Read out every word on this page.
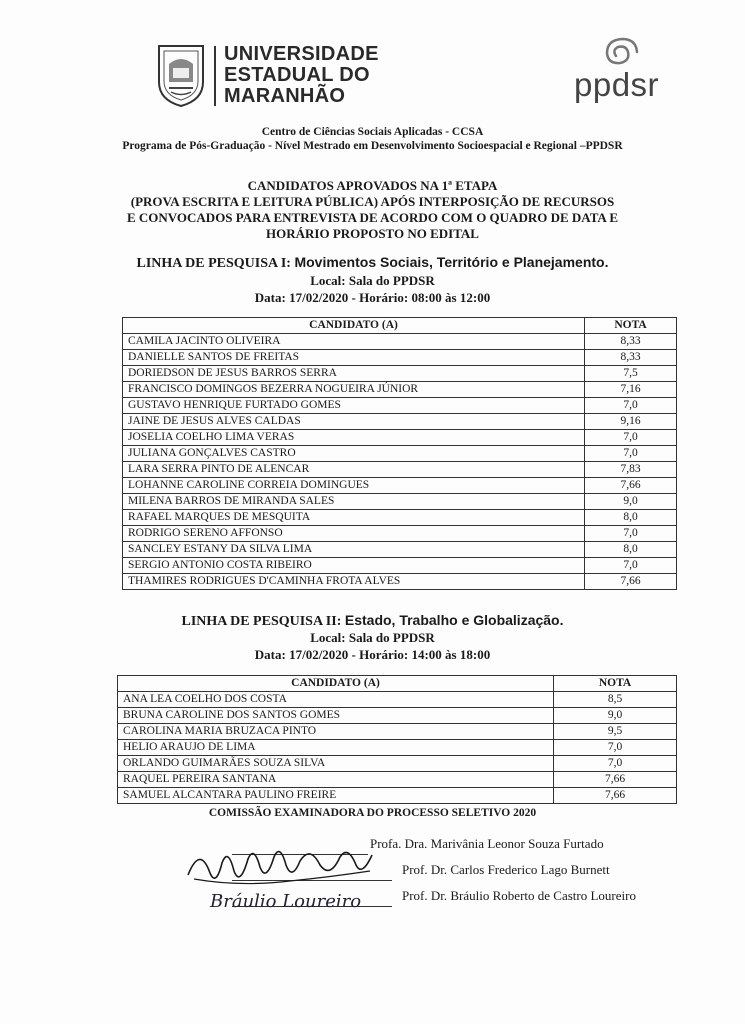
UNIVERSIDADE
ESTADUAL DO
MARANHÃO	ppdsr
Centro de Ciências Sociais Aplicadas - CCSA
Programa de Pós-Graduação - Nível Mestrado em Desenvolvimento Socioespacial e Regional –PPDSR
CANDIDATOS APROVADOS NA 1ª ETAPA
(PROVA ESCRITA E LEITURA PÚBLICA) APÓS INTERPOSIÇÃO DE RECURSOS
E CONVOCADOS PARA ENTREVISTA DE ACORDO COM O QUADRO DE DATA E
HORÁRIO PROPOSTO NO EDITAL
LINHA DE PESQUISA I: Movimentos Sociais, Território e Planejamento.
Local: Sala do PPDSR
Data: 17/02/2020 - Horário: 08:00 às 12:00
CANDIDATO (A)	NOTA
CAMILA JACINTO OLIVEIRA	8,33
DANIELLE SANTOS DE FREITAS	8,33
DORIEDSON DE JESUS BARROS SERRA	7,5
FRANCISCO DOMINGOS BEZERRA NOGUEIRA JÚNIOR	7,16
GUSTAVO HENRIQUE FURTADO GOMES	7,0
JAINE DE JESUS ALVES CALDAS	9,16
JOSELIA COELHO LIMA VERAS	7,0
JULIANA GONÇALVES CASTRO	7,0
LARA SERRA PINTO DE ALENCAR	7,83
LOHANNE CAROLINE CORREIA DOMINGUES	7,66
MILENA BARROS DE MIRANDA SALES	9,0
RAFAEL MARQUES DE MESQUITA	8,0
RODRIGO SERENO AFFONSO	7,0
SANCLEY ESTANY DA SILVA LIMA	8,0
SERGIO ANTONIO COSTA RIBEIRO	7,0
THAMIRES RODRIGUES D'CAMINHA FROTA ALVES	7,66
LINHA DE PESQUISA II: Estado, Trabalho e Globalização.
Local: Sala do PPDSR
Data: 17/02/2020 - Horário: 14:00 às 18:00
CANDIDATO (A)	NOTA
ANA LEA COELHO DOS COSTA	8,5
BRUNA CAROLINE DOS SANTOS GOMES	9,0
CAROLINA MARIA BRUZACA PINTO	9,5
HELIO ARAUJO DE LIMA	7,0
ORLANDO GUIMARÃES SOUZA SILVA	7,0
RAQUEL PEREIRA SANTANA	7,66
SAMUEL ALCANTARA PAULINO FREIRE	7,66
COMISSÃO EXAMINADORA DO PROCESSO SELETIVO 2020
Profa. Dra. Marivânia Leonor Souza Furtado
Prof. Dr. Carlos Frederico Lago Burnett
Prof. Dr. Bráulio Roberto de Castro Loureiro
Bráulio Loureiro
